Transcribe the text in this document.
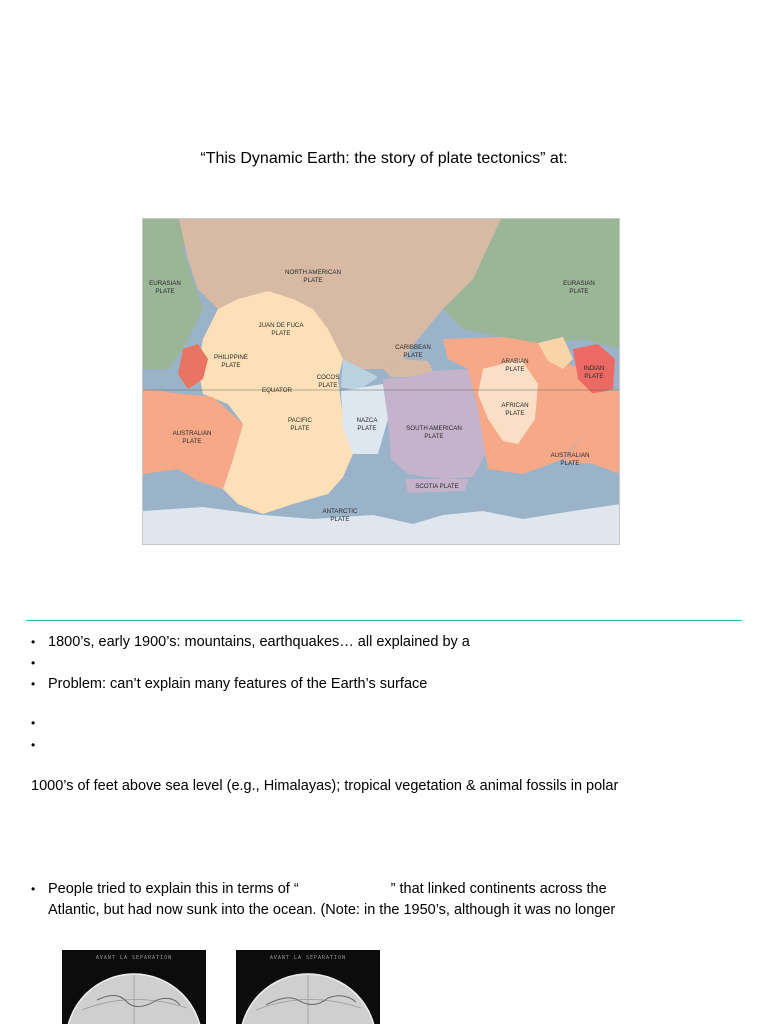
“This Dynamic Earth: the story of plate tectonics” at:
EURASIAN
PLATE
NORTH AMERICAN
PLATE	EURASIAN
PLATE
JUAN DE FUCA
PLATE
PHILIPPINE
PLATE
CARIBBEAN
PLATE
ARABIAN
PLATE	INDIAN
PLATE
EQUATOR
COCOS
PLATE
AFRICAN
PLATE
PACIFIC
PLATE
NAZCA
PLATE	SOUTH AMERICAN
PLATE
AUSTRALIAN
PLATE
AUSTRALIAN
PLATE
SCOTIA PLATE
ANTARCTIC
PLATE
• 1800’s, early 1900’s: mountains, earthquakes… all explained by a
•
• Problem: can’t explain many features of the Earth’s surface
•
•
1000’s of feet above sea level (e.g., Himalayas); tropical vegetation & animal fossils in polar
• People tried to explain this in terms of “	” that linked continents across the
Atlantic, but had now sunk into the ocean. (Note: in the 1950’s, although it was no longer
AVANT LA SEPARATION	AVANT LA SEPARATION
